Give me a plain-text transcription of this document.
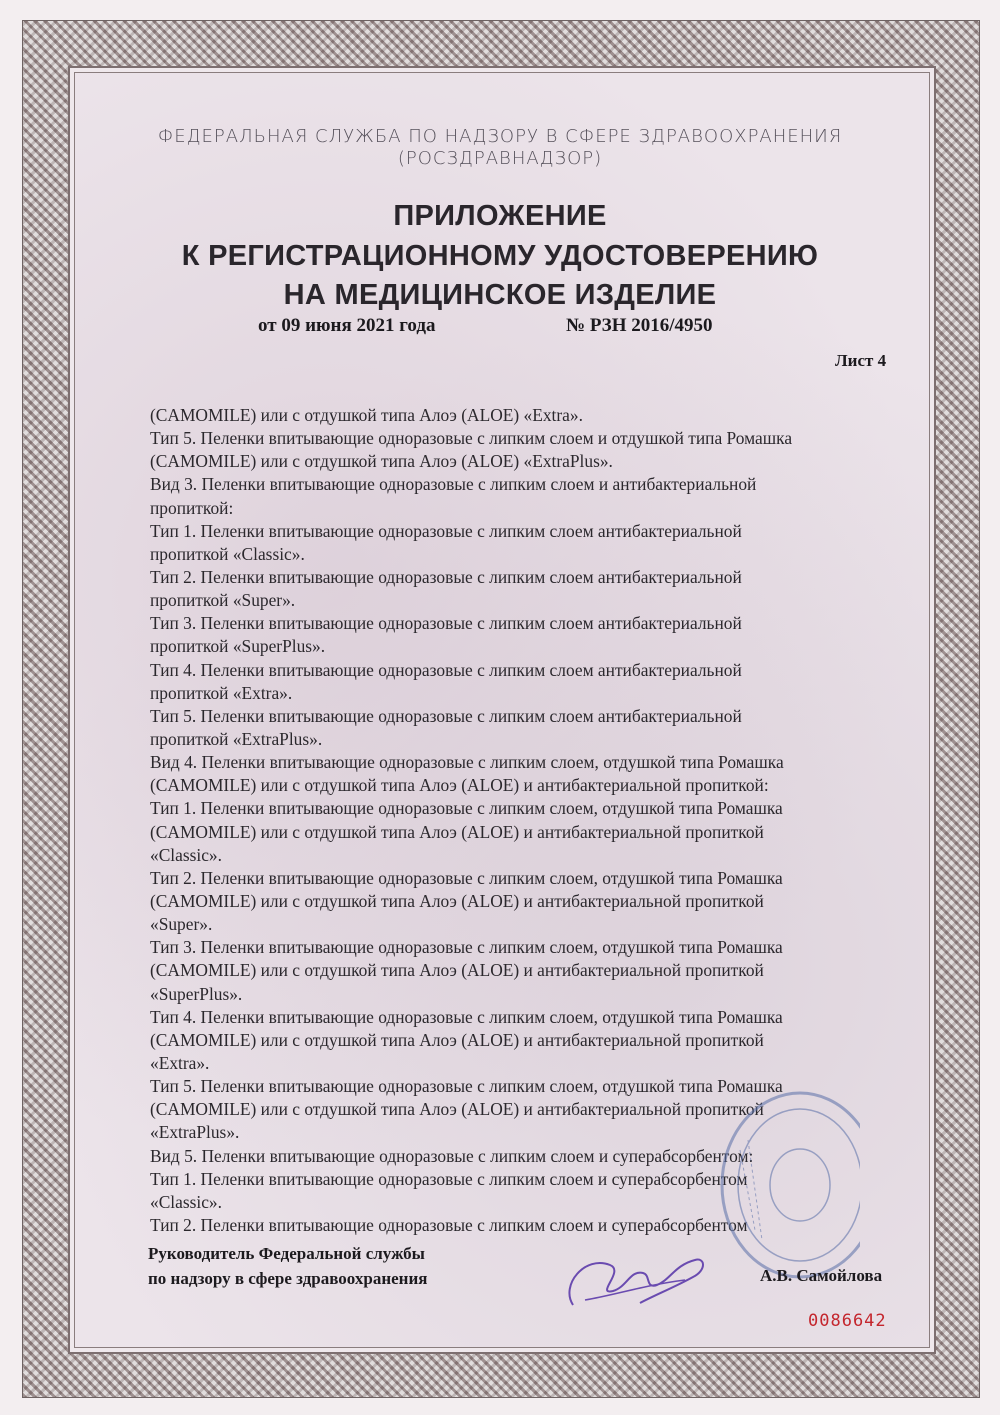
ФЕДЕРАЛЬНАЯ СЛУЖБА ПО НАДЗОРУ В СФЕРЕ ЗДРАВООХРАНЕНИЯ
(РОСЗДРАВНАДЗОР)
ПРИЛОЖЕНИЕ
К РЕГИСТРАЦИОННОМУ УДОСТОВЕРЕНИЮ
НА МЕДИЦИНСКОЕ ИЗДЕЛИЕ
от 09 июня 2021 года	№ РЗН 2016/4950
Лист 4
(CAMOMILE) или с отдушкой типа Алоэ (ALOE) «Extra».
Тип 5. Пеленки впитывающие одноразовые с липким слоем и отдушкой типа Ромашка
(CAMOMILE) или с отдушкой типа Алоэ (ALOE) «ExtraPlus».
Вид 3. Пеленки впитывающие одноразовые с липким слоем и антибактериальной
пропиткой:
Тип 1. Пеленки впитывающие одноразовые с липким слоем антибактериальной
пропиткой «Classic».
Тип 2. Пеленки впитывающие одноразовые с липким слоем антибактериальной
пропиткой «Super».
Тип 3. Пеленки впитывающие одноразовые с липким слоем антибактериальной
пропиткой «SuperPlus».
Тип 4. Пеленки впитывающие одноразовые с липким слоем антибактериальной
пропиткой «Extra».
Тип 5. Пеленки впитывающие одноразовые с липким слоем антибактериальной
пропиткой «ExtraPlus».
Вид 4. Пеленки впитывающие одноразовые с липким слоем, отдушкой типа Ромашка
(CAMOMILE) или с отдушкой типа Алоэ (ALOE) и антибактериальной пропиткой:
Тип 1. Пеленки впитывающие одноразовые с липким слоем, отдушкой типа Ромашка
(CAMOMILE) или с отдушкой типа Алоэ (ALOE) и антибактериальной пропиткой
«Classic».
Тип 2. Пеленки впитывающие одноразовые с липким слоем, отдушкой типа Ромашка
(CAMOMILE) или с отдушкой типа Алоэ (ALOE) и антибактериальной пропиткой
«Super».
Тип 3. Пеленки впитывающие одноразовые с липким слоем, отдушкой типа Ромашка
(CAMOMILE) или с отдушкой типа Алоэ (ALOE) и антибактериальной пропиткой
«SuperPlus».
Тип 4. Пеленки впитывающие одноразовые с липким слоем, отдушкой типа Ромашка
(CAMOMILE) или с отдушкой типа Алоэ (ALOE) и антибактериальной пропиткой
«Extra».
Тип 5. Пеленки впитывающие одноразовые с липким слоем, отдушкой типа Ромашка
(CAMOMILE) или с отдушкой типа Алоэ (ALOE) и антибактериальной пропиткой
«ExtraPlus».
Вид 5. Пеленки впитывающие одноразовые с липким слоем и суперабсорбентом:
Тип 1. Пеленки впитывающие одноразовые с липким слоем и суперабсорбентом
«Classic».
Тип 2. Пеленки впитывающие одноразовые с липким слоем и суперабсорбентом
Руководитель Федеральной службы
по надзору в сфере здравоохранения	А.В. Самойлова
0086642
